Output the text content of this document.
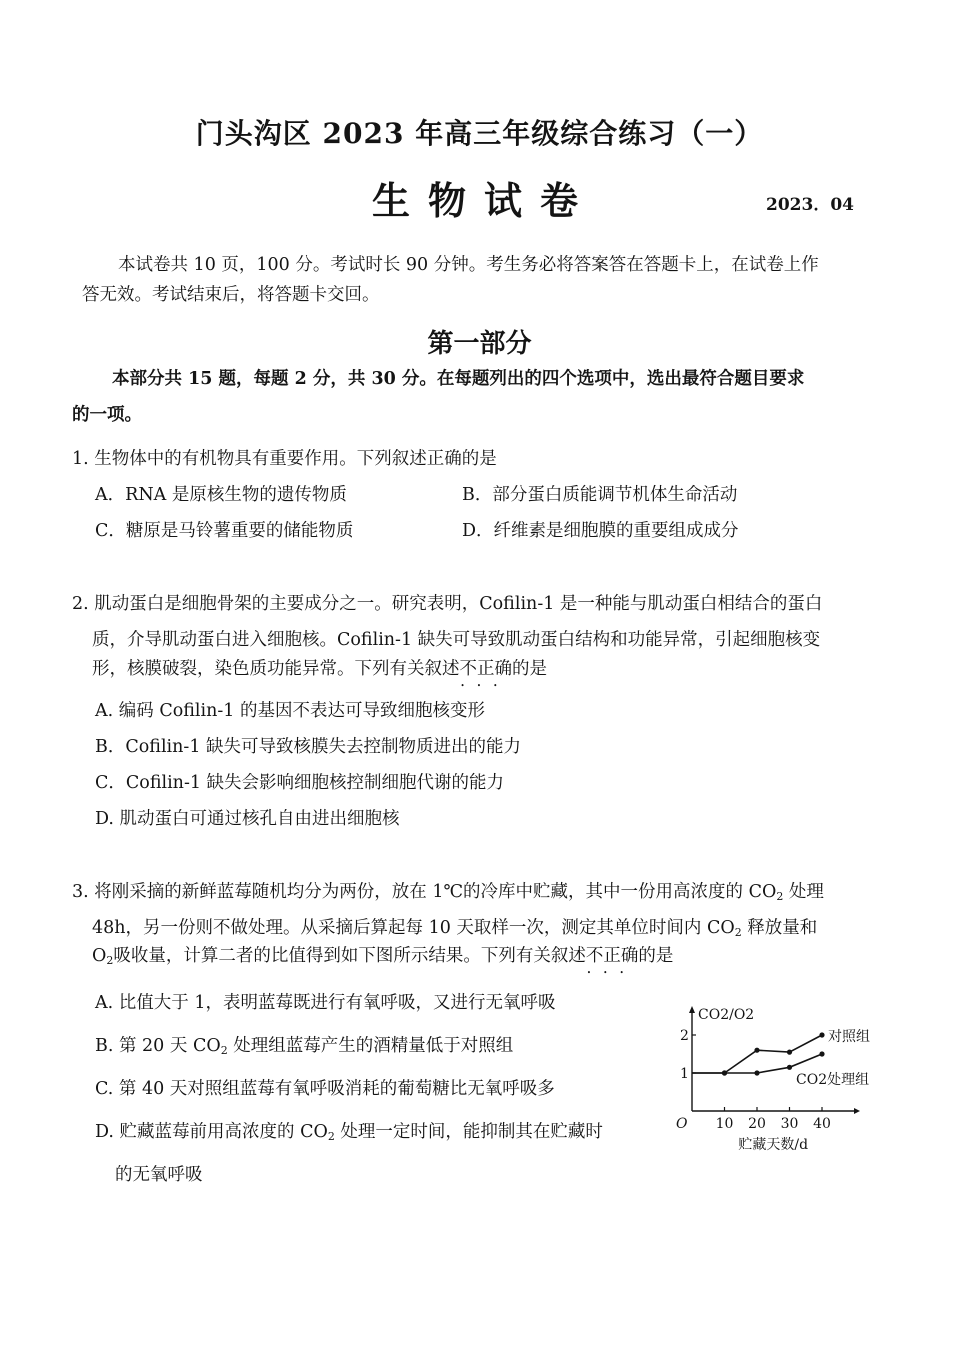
门头沟区 2023 年高三年级综合练习（一）
生物试卷	2023．04
本试卷共 10 页，100 分。考试时长 90 分钟。考生务必将答案答在答题卡上，在试卷上作
答无效。考试结束后，将答题卡交回。
第一部分
本部分共 15 题，每题 2 分，共 30 分。在每题列出的四个选项中，选出最符合题目要求
的一项。
1. 生物体中的有机物具有重要作用。下列叙述正确的是
A．RNA 是原核生物的遗传物质	B．部分蛋白质能调节机体生命活动
C．糖原是马铃薯重要的储能物质	D．纤维素是细胞膜的重要组成成分
2. 肌动蛋白是细胞骨架的主要成分之一。研究表明，Cofilin-1 是一种能与肌动蛋白相结合的蛋白
质，介导肌动蛋白进入细胞核。Cofilin-1 缺失可导致肌动蛋白结构和功能异常，引起细胞核变
形，核膜破裂，染色质功能异常。下列有关叙述不正确 • • •的是
A. 编码 Cofilin-1 的基因不表达可导致细胞核变形
B．Cofilin-1 缺失可导致核膜失去控制物质进出的能力
C．Cofilin-1 缺失会影响细胞核控制细胞代谢的能力
D. 肌动蛋白可通过核孔自由进出细胞核
3. 将刚采摘的新鲜蓝莓随机均分为两份，放在 1℃的冷库中贮藏，其中一份用高浓度的 $CO_2$ 处理
48h，另一份则不做处理。从采摘后算起每 10 天取样一次，测定其单位时间内 $CO_2$ 释放量和
$O_2$吸收量，计算二者的比值得到如下图所示结果。下列有关叙述不正确 • • •的是
A. 比值大于 1，表明蓝莓既进行有氧呼吸，又进行无氧呼吸
B. 第 20 天 $CO_2$ 处理组蓝莓产生的酒精量低于对照组
C. 第 40 天对照组蓝莓有氧呼吸消耗的葡萄糖比无氧呼吸多
D. 贮藏蓝莓前用高浓度的 $CO_2$ 处理一定时间，能抑制其在贮藏时
的无氧呼吸
CO2/O2
O
1
2
10 20 30 40
贮藏天数/d
对照组
CO2处理组
